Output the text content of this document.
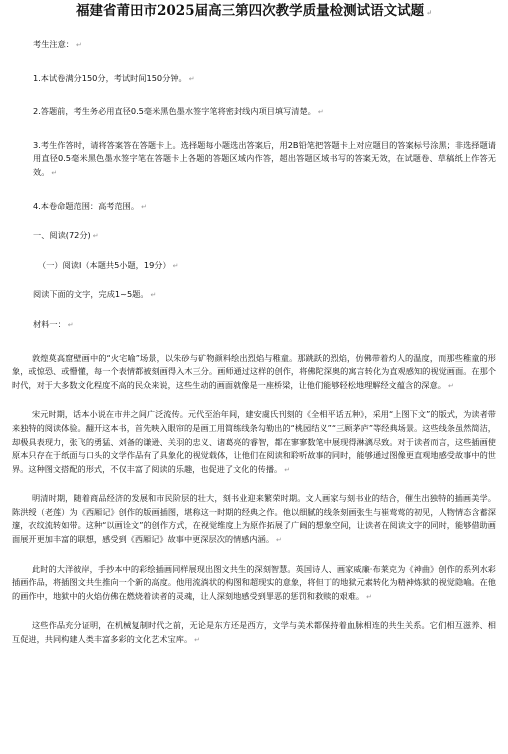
福建省莆田市2025届高三第四次教学质量检测试语文试题 ↵

考生注意： ↵

1.本试卷满分150分，考试时间150分钟。 ↵

2.答题前，考生务必用直径0.5毫米黑色墨水签字笔将密封线内项目填写清楚。 ↵

3.考生作答时，请将答案答在答题卡上。选择题每小题选出答案后，用2B铅笔把答题卡上对应题目的答案标号涂黑；非选择题请用直径0.5毫米黑色墨水签字笔在答题卡上各题的答题区域内作答，超出答题区域书写的答案无效，在试题卷、草稿纸上作答无效。 ↵

4.本卷命题范围：高考范围。 ↵

一、阅读(72分) ↵

（一）阅读Ⅰ（本题共5小题，19分） ↵

阅读下面的文字，完成1~5题。 ↵

材料一： ↵

敦煌莫高窟壁画中的“火宅喻”场景，以朱砂与矿物颜料绘出烈焰与稚童。那跳跃的烈焰，仿佛带着灼人的温度，而那些稚童的形象，或惊恐、或懵懂，每一个表情都被刻画得入木三分。画师通过这样的创作，将佛陀深奥的寓言转化为直观感知的视觉画面。在那个时代，对于大多数文化程度不高的民众来说，这些生动的画面就像是一座桥梁，让他们能够轻松地理解经文蕴含的深意。 ↵

宋元时期，话本小说在市井之间广泛流传。元代至治年间，建安虞氏刊刻的《全相平话五种》，采用“上图下文”的版式，为读者带来独特的阅读体验。翻开这本书，首先映入眼帘的是画工用简练线条勾勒出的“桃园结义”“三顾茅庐”等经典场景。这些线条虽然简洁，却极具表现力，张飞的勇猛、刘备的谦逊、关羽的忠义、诸葛亮的睿智，都在寥寥数笔中展现得淋漓尽致。对于读者而言，这些插画使原本只存在于纸面与口头的文学作品有了具象化的视觉载体，让他们在阅读和聆听故事的同时，能够通过图像更直观地感受故事中的世界。这种图文搭配的形式，不仅丰富了阅读的乐趣，也促进了文化的传播。 ↵

明清时期，随着商品经济的发展和市民阶层的壮大，刻书业迎来繁荣时期。文人画家与刻书业的结合，催生出独特的插画美学。陈洪绶（老莲）为《西厢记》创作的版画插图，堪称这一时期的经典之作。他以细腻的线条刻画张生与崔莺莺的初见，人物情态含蓄深邃，衣纹流转如带。这种“以画诠文”的创作方式，在视觉维度上为原作拓展了广阔的想象空间，让读者在阅读文字的同时，能够借助画面展开更加丰富的联想，感受到《西厢记》故事中更深层次的情感内涵。 ↵

此时的大洋彼岸，手抄本中的彩绘插画同样展现出图文共生的深刻智慧。英国诗人、画家威廉·布莱克为《神曲》创作的系列水彩插画作品，将插图文共生推向一个新的高度。他用流淌状的构图和超现实的意象，将但丁的地狱元素转化为精神炼狱的视觉隐喻。在他的画作中，地狱中的火焰仿佛在燃烧着读者的灵魂，让人深刻地感受到罪恶的惩罚和救赎的艰难。 ↵

这些作品充分证明，在机械复制时代之前，无论是东方还是西方，文学与美术都保持着血脉相连的共生关系。它们相互滋养、相互促进，共同构建人类丰富多彩的文化艺术宝库。 ↵
